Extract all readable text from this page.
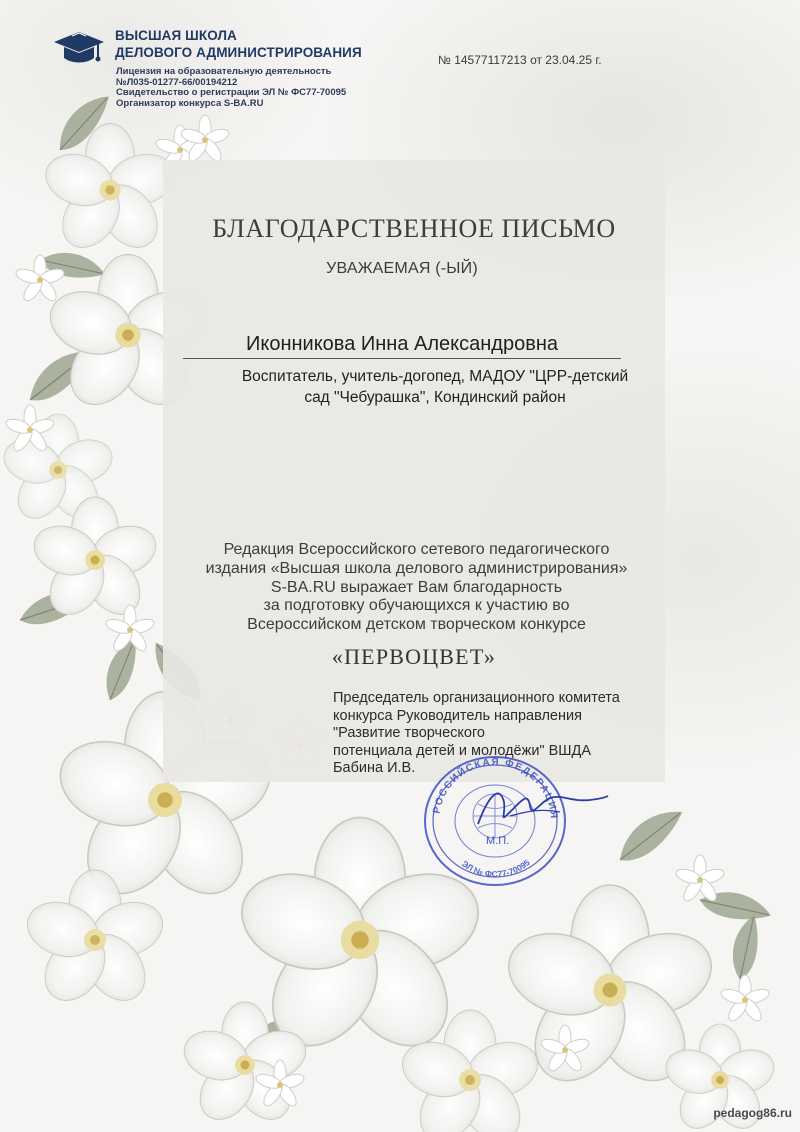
ВЫСШАЯ ШКОЛА
ДЕЛОВОГО АДМИНИСТРИРОВАНИЯ
Лицензия на образовательную деятельность
№Л035-01277-66/00194212
Свидетельство о регистрации ЭЛ № ФС77-70095
Организатор конкурса S-BA.RU
№ 14577117213 от 23.04.25 г.
БЛАГОДАРСТВЕННОЕ ПИСЬМО
УВАЖАЕМАЯ (-ЫЙ)
Иконникова Инна Александровна
Воспитатель, учитель-догопед, МАДОУ "ЦРР-детский
сад "Чебурашка", Кондинский район
Редакция Всероссийского сетевого педагогического
издания «Высшая школа делового администрирования»
S-BA.RU выражает Вам благодарность
за подготовку обучающихся к участию во
Всероссийском детском творческом конкурсе
«ПЕРВОЦВЕТ»
Председатель организационного комитета
конкурса Руководитель направления
"Развитие творческого
потенциала детей и молодёжи" ВШДА
Бабина И.В.
РОССИЙСКАЯ ФЕДЕРАЦИЯ
ЭЛ № ФС77-70095
М.П.
pedagog86.ru
